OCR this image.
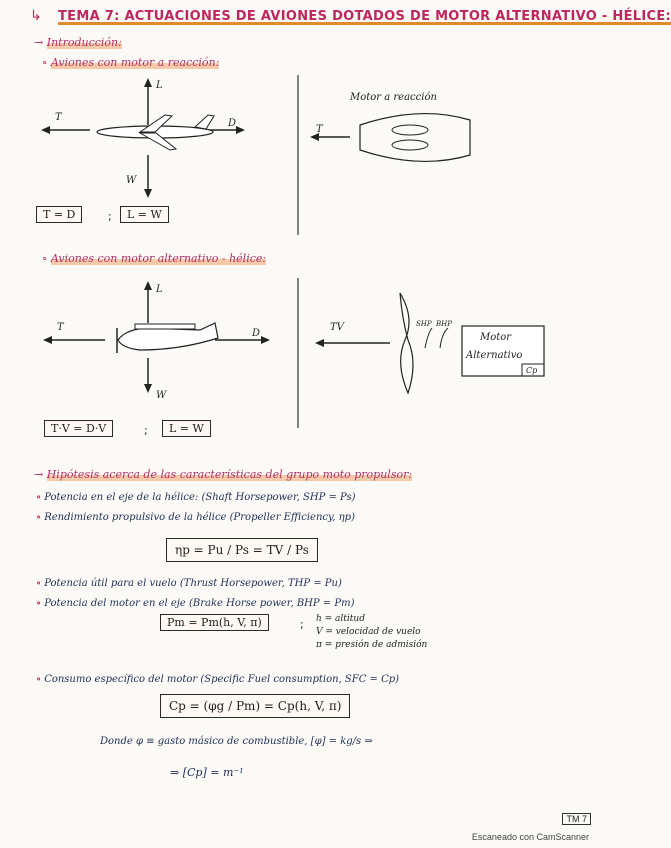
↳ TEMA 7: ACTUACIONES DE AVIONES DOTADOS DE MOTOR ALTERNATIVO - HÉLICE:
→ Introducción:
∘ Aviones con motor a reacción:
L
W
T
D
Motor a reacción
T
T = D	;	L = W
∘ Aviones con motor alternativo - hélice:
L
W
T
D
TV	SHP BHP
Motor
Alternativo
Cp
T·V = D·V	;	L = W
→ Hipótesis acerca de las características del grupo moto propulsor:
∘ Potencia en el eje de la hélice: (Shaft Horsepower, SHP = Ps)
∘ Rendimiento propulsivo de la hélice (Propeller Efficiency, ηp)
ηp = Pu / Ps = TV / Ps
∘ Potencia útil para el vuelo (Thrust Horsepower, THP = Pu)
∘ Potencia del motor en el eje (Brake Horse power, BHP = Pm)
Pm = Pm(h, V, π)	; h = altitud
V = velocidad de vuelo
π = presión de admisión
∘ Consumo específico del motor (Specific Fuel consumption, SFC = Cp)
Cp = (φg / Pm) = Cp(h, V, π)
Donde φ ≡ gasto másico de combustible, [φ] = kg/s ⇒
⇒ [Cp] = m⁻¹
TM 7
Escaneado con CamScanner
